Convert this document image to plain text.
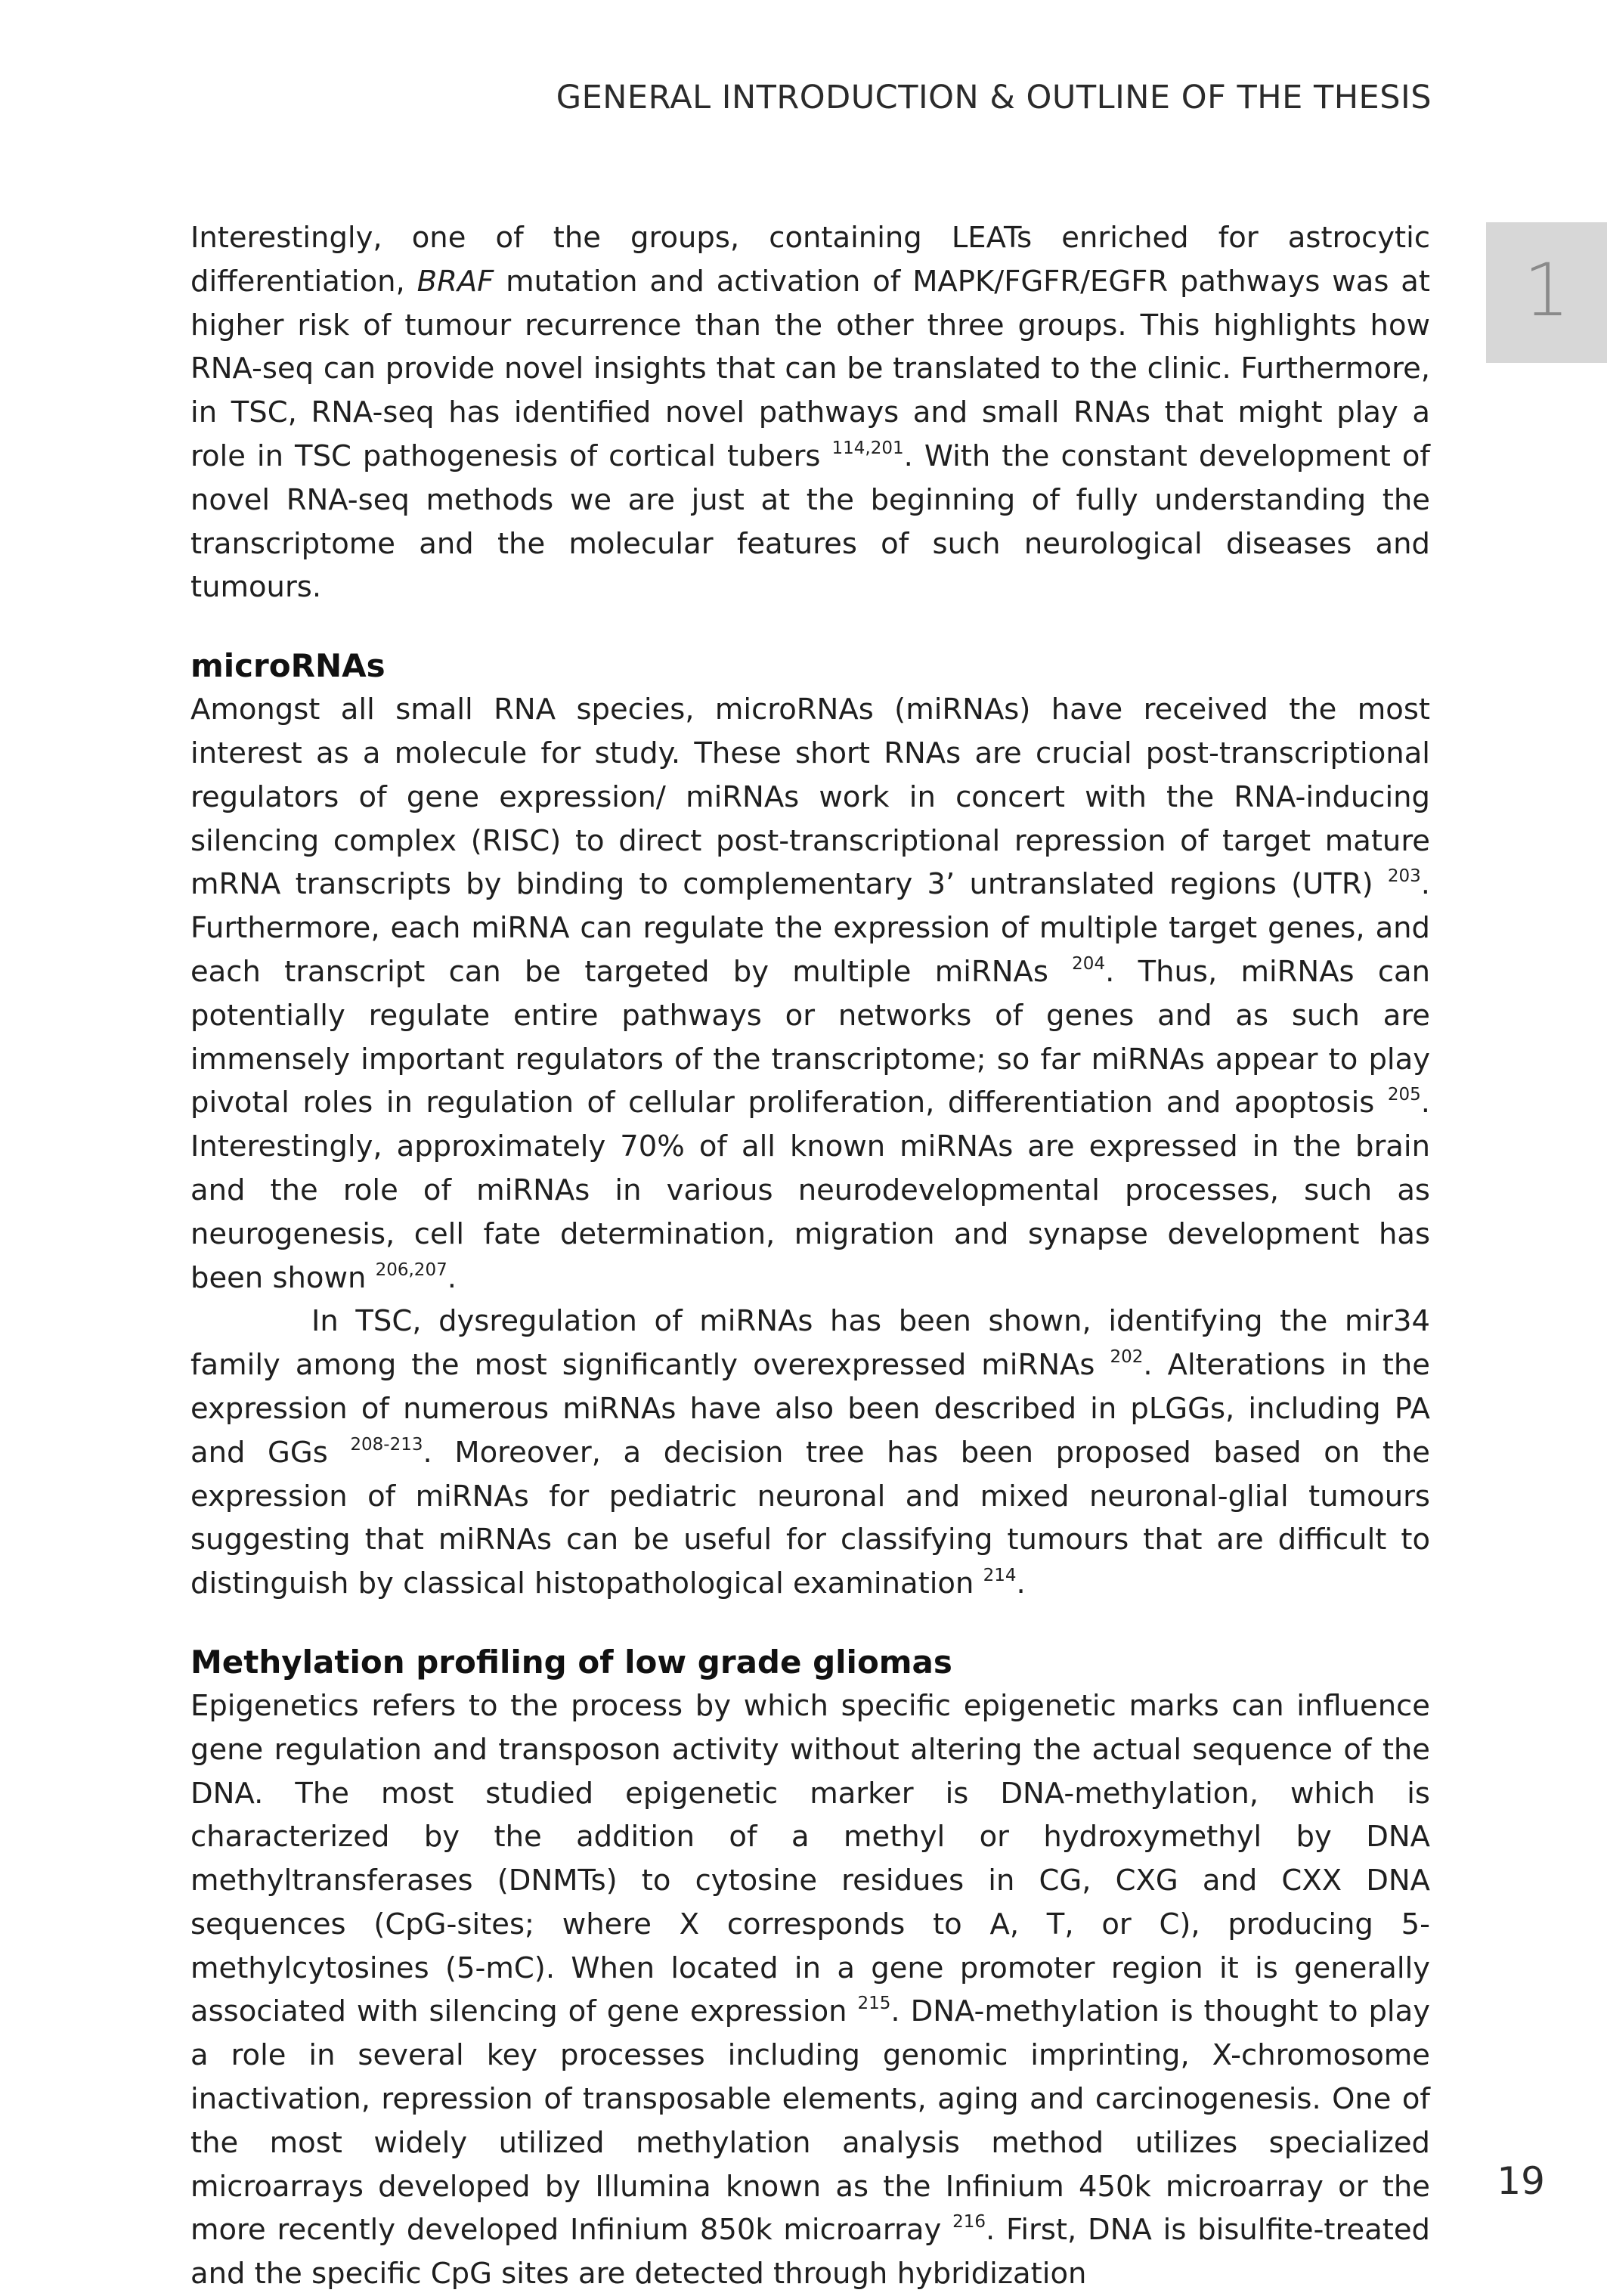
GENERAL INTRODUCTION & OUTLINE OF THE THESIS
1

Interestingly, one of the groups, containing LEATs enriched for astrocytic differentiation, BRAF mutation and activation of MAPK/FGFR/EGFR pathways was at higher risk of tumour recurrence than the other three groups. This highlights how RNA-seq can provide novel insights that can be translated to the clinic. Furthermore, in TSC, RNA-seq has identified novel pathways and small RNAs that might play a role in TSC pathogenesis of cortical tubers $^{114,201}$. With the constant development of novel RNA-seq methods we are just at the beginning of fully understanding the transcriptome and the molecular features of such neurological diseases and tumours.

microRNAs

Amongst all small RNA species, microRNAs (miRNAs) have received the most interest as a molecule for study. These short RNAs are crucial post-transcriptional regulators of gene expression/ miRNAs work in concert with the RNA-inducing silencing complex (RISC) to direct post-transcriptional repression of target mature mRNA transcripts by binding to complementary 3’ untranslated regions (UTR) $^{203}$. Furthermore, each miRNA can regulate the expression of multiple target genes, and each transcript can be targeted by multiple miRNAs $^{204}$. Thus, miRNAs can potentially regulate entire pathways or networks of genes and as such are immensely important regulators of the transcriptome; so far miRNAs appear to play pivotal roles in regulation of cellular proliferation, differentiation and apoptosis $^{205}$. Interestingly, approximately 70% of all known miRNAs are expressed in the brain and the role of miRNAs in various neurodevelopmental processes, such as neurogenesis, cell fate determination, migration and synapse development has been shown $^{206,207}$.

In TSC, dysregulation of miRNAs has been shown, identifying the mir34 family among the most significantly overexpressed miRNAs $^{202}$. Alterations in the expression of numerous miRNAs have also been described in pLGGs, including PA and GGs $^{208-213}$. Moreover, a decision tree has been proposed based on the expression of miRNAs for pediatric neuronal and mixed neuronal-glial tumours suggesting that miRNAs can be useful for classifying tumours that are difficult to distinguish by classical histopathological examination $^{214}$.

Methylation profiling of low grade gliomas

Epigenetics refers to the process by which specific epigenetic marks can influence gene regulation and transposon activity without altering the actual sequence of the DNA. The most studied epigenetic marker is DNA-methylation, which is characterized by the addition of a methyl or hydroxymethyl by DNA methyltransferases (DNMTs) to cytosine residues in CG, CXG and CXX DNA sequences (CpG-sites; where X corresponds to A, T, or C), producing 5-methylcytosines (5-mC). When located in a gene promoter region it is generally associated with silencing of gene expression $^{215}$. DNA-methylation is thought to play a role in several key processes including genomic imprinting, X-chromosome inactivation, repression of transposable elements, aging and carcinogenesis. One of the most widely utilized methylation analysis method utilizes specialized microarrays developed by Illumina known as the Infinium 450k microarray or the more recently developed Infinium 850k microarray $^{216}$. First, DNA is bisulfite-treated and the specific CpG sites are detected through hybridization

19
